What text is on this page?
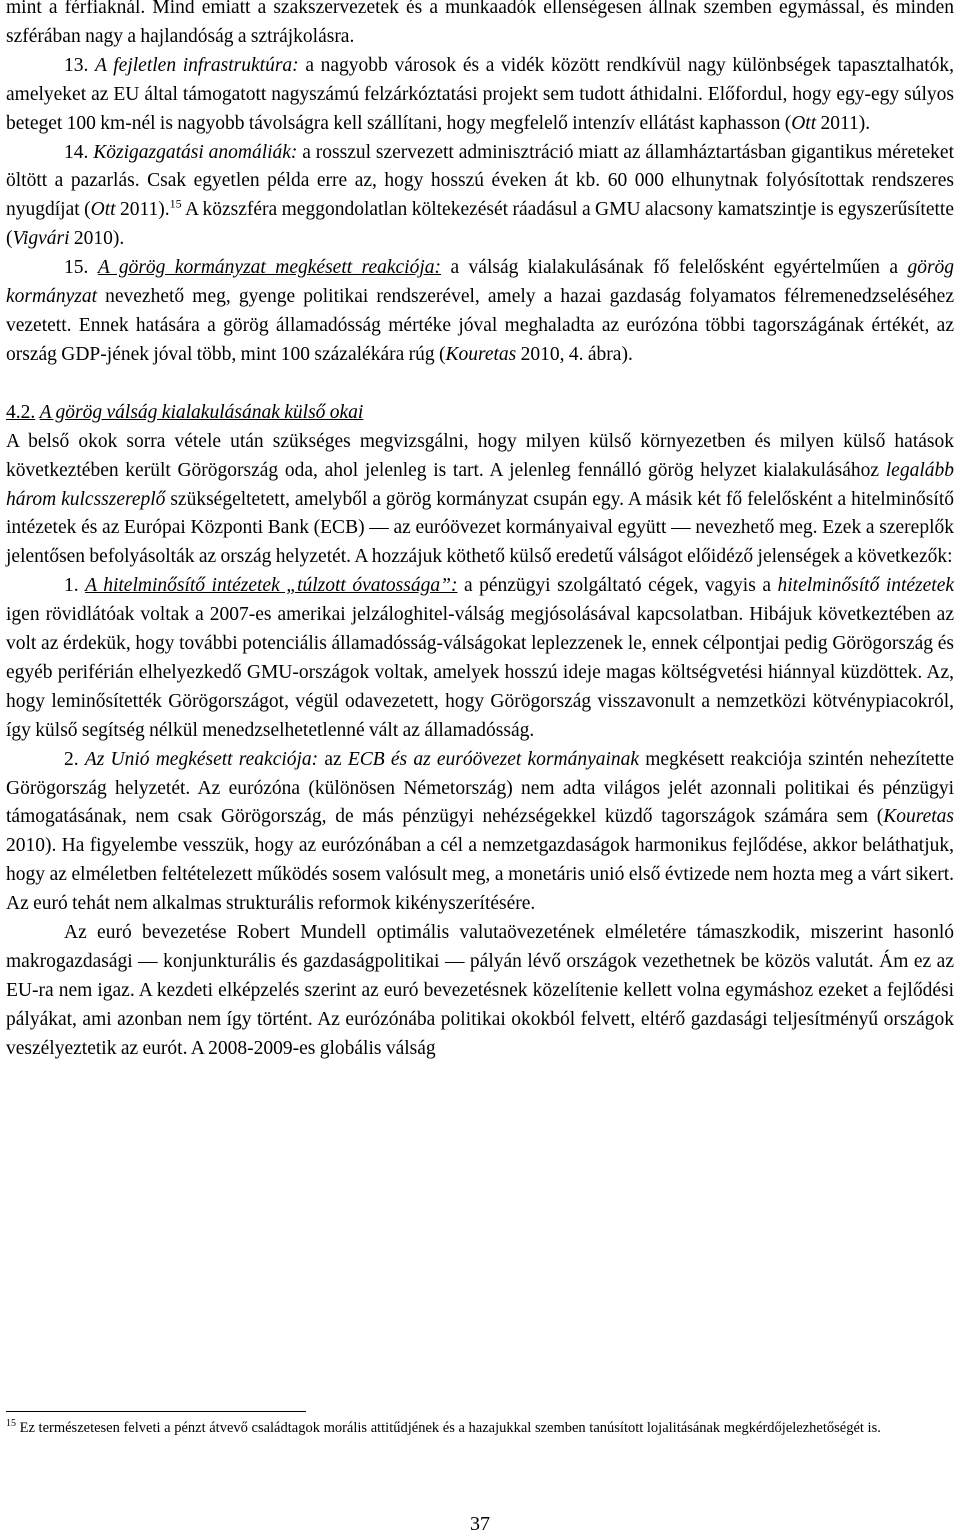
mint a férfiaknál. Mind emiatt a szakszervezetek és a munkaadók ellenségesen állnak szemben egymással, és minden szférában nagy a hajlandóság a sztrájkolásra.

13. A fejletlen infrastruktúra: a nagyobb városok és a vidék között rendkívül nagy különbségek tapasztalhatók, amelyeket az EU által támogatott nagyszámú felzárkóztatási projekt sem tudott áthidalni. Előfordul, hogy egy-egy súlyos beteget 100 km-nél is nagyobb távolságra kell szállítani, hogy megfelelő intenzív ellátást kaphasson (Ott 2011).

14. Közigazgatási anomáliák: a rosszul szervezett adminisztráció miatt az államháztartásban gigantikus méreteket öltött a pazarlás. Csak egyetlen példa erre az, hogy hosszú éveken át kb. 60 000 elhunytnak folyósítottak rendszeres nyugdíjat (Ott 2011).$^{15}$ A közszféra meggondolatlan költekezését ráadásul a GMU alacsony kamatszintje is egyszerűsítette (Vigvári 2010).

15. A görög kormányzat megkésett reakciója: a válság kialakulásának fő felelősként egyértelműen a görög kormányzat nevezhető meg, gyenge politikai rendszerével, amely a hazai gazdaság folyamatos félremenedzseléséhez vezetett. Ennek hatására a görög államadósság mértéke jóval meghaladta az eurózóna többi tagországának értékét, az ország GDP-jének jóval több, mint 100 százalékára rúg (Kouretas 2010, 4. ábra).

4.2. A görög válság kialakulásának külső okai

A belső okok sorra vétele után szükséges megvizsgálni, hogy milyen külső környezetben és milyen külső hatások következtében került Görögország oda, ahol jelenleg is tart. A jelenleg fennálló görög helyzet kialakulásához legalább három kulcsszereplő szükségeltetett, amelyből a görög kormányzat csupán egy. A másik két fő felelősként a hitelminősítő intézetek és az Európai Központi Bank (ECB) — az euróövezet kormányaival együtt — nevezhető meg. Ezek a szereplők jelentősen befolyásolták az ország helyzetét. A hozzájuk köthető külső eredetű válságot előidéző jelenségek a következők:

1. A hitelminősítő intézetek „túlzott óvatossága”: a pénzügyi szolgáltató cégek, vagyis a hitelminősítő intézetek igen rövidlátóak voltak a 2007-es amerikai jelzáloghitel-válság megjósolásával kapcsolatban. Hibájuk következtében az volt az érdekük, hogy további potenciális államadósság-válságokat leplezzenek le, ennek célpontjai pedig Görögország és egyéb periférián elhelyezkedő GMU-országok voltak, amelyek hosszú ideje magas költségvetési hiánnyal küzdöttek. Az, hogy leminősítették Görögországot, végül odavezetett, hogy Görögország visszavonult a nemzetközi kötvénypiacokról, így külső segítség nélkül menedzselhetetlenné vált az államadósság.

2. Az Unió megkésett reakciója: az ECB és az euróövezet kormányainak megkésett reakciója szintén nehezítette Görögország helyzetét. Az eurózóna (különösen Németország) nem adta világos jelét azonnali politikai és pénzügyi támogatásának, nem csak Görögország, de más pénzügyi nehézségekkel küzdő tagországok számára sem (Kouretas 2010). Ha figyelembe vesszük, hogy az eurózónában a cél a nemzetgazdaságok harmonikus fejlődése, akkor beláthatjuk, hogy az elméletben feltételezett működés sosem valósult meg, a monetáris unió első évtizede nem hozta meg a várt sikert. Az euró tehát nem alkalmas strukturális reformok kikényszerítésére.

Az euró bevezetése Robert Mundell optimális valutaövezetének elméletére támaszkodik, miszerint hasonló makrogazdasági — konjunkturális és gazdaságpolitikai — pályán lévő országok vezethetnek be közös valutát. Ám ez az EU-ra nem igaz. A kezdeti elképzelés szerint az euró bevezetésnek közelítenie kellett volna egymáshoz ezeket a fejlődési pályákat, ami azonban nem így történt. Az eurózónába politikai okokból felvett, eltérő gazdasági teljesítményű országok veszélyeztetik az eurót. A 2008-2009-es globális válság

$^{15}$ Ez természetesen felveti a pénzt átvevő családtagok morális attitűdjének és a hazajukkal szemben tanúsított lojalitásának megkérdőjelezhetőségét is.
37
